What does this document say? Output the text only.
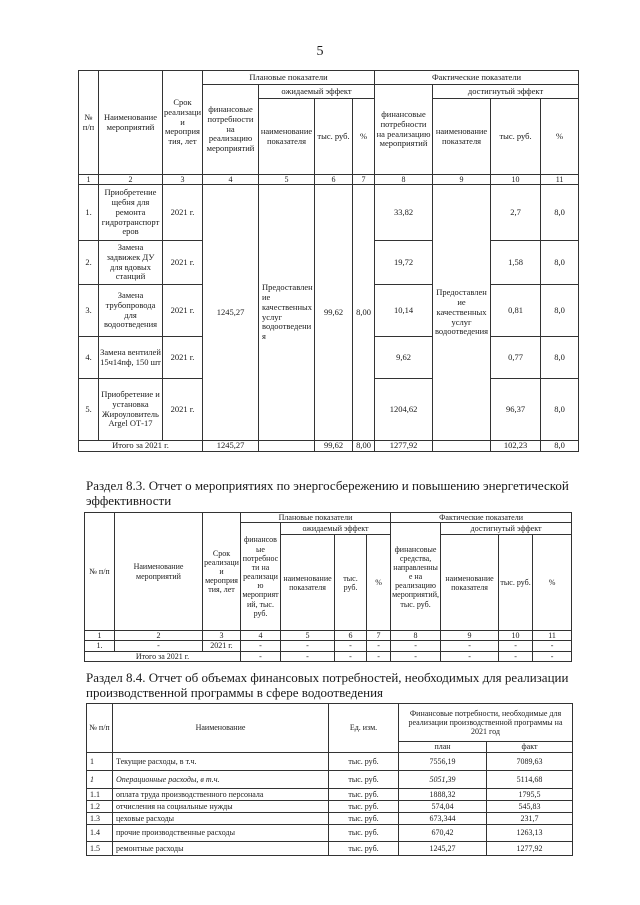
5
№ п/п	Наименование мероприятий	Срок реализации мероприятия, лет	Плановые показатели				Фактические показатели			
			финансовые потребности на реализацию мероприятий	ожидаемый эффект			финансовые потребности на реализацию мероприятий	достигнутый эффект		
				наименование показателя	тыс. руб.	%		наименование показателя	тыс. руб.	%
1	2	3	4	5	6	7	8	9	10	11
1.	Приобретение щебня для ремонта гидротранспортеров	2021 г.	1245,27	Предоставление качественных услуг водоотведения	99,62	8,00	33,82	Предоставление качественных услуг водоотведения	2,7	8,0
2.	Замена задвижек ДУ для вдовых станций	2021 г.					19,72		1,58	8,0
3.	Замена трубопровода для водоотведения	2021 г.					10,14		0,81	8,0
4.	Замена вентилей 15ч14пф, 150 шт	2021 г.					9,62		0,77	8,0
5.	Приобретение и установка Жироуловитель Argel ОТ-17	2021 г.					1204,62		96,37	8,0
Итого за 2021 г.			1245,27		99,62	8,00	1277,92		102,23	8,0
Раздел 8.3. Отчет о мероприятиях по энергосбережению и повышению энергетической эффективности
№ п/п	Наименование мероприятий	Срок реализации мероприятия, лет	Плановые показатели				Фактические показатели			
			финансовые потребности на реализацию мероприятий, тыс. руб.	ожидаемый эффект			финансовые средства, направленные на реализацию мероприятий, тыс. руб.	достигнутый эффект		
				наименование показателя	тыс. руб.	%		наименование показателя	тыс. руб.	%
1	2	3	4	5	6	7	8	9	10	11
1.	-	2021 г.	-	-	-	-	-	-	-	-
Итого за 2021 г.			-	-	-	-	-	-	-	-
Раздел 8.4. Отчет об объемах финансовых потребностей, необходимых для реализации производственной программы в сфере водоотведения
№ п/п	Наименование	Ед. изм.	Финансовые потребности, необходимые для реализации производственной программы на 2021 год	
			план	факт
1	Текущие расходы, в т.ч.	тыс. руб.	7556,19	7089,63
1	Операционные расходы, в т.ч.	тыс. руб.	5051,39	5114,68
1.1	оплата труда производственного персонала	тыс. руб.	1888,32	1795,5
1.2	отчисления на социальные нужды	тыс. руб.	574,04	545,83
1.3	цеховые расходы	тыс. руб.	673,344	231,7
1.4	прочие производственные расходы	тыс. руб.	670,42	1263,13
1.5	ремонтные расходы	тыс. руб.	1245,27	1277,92
